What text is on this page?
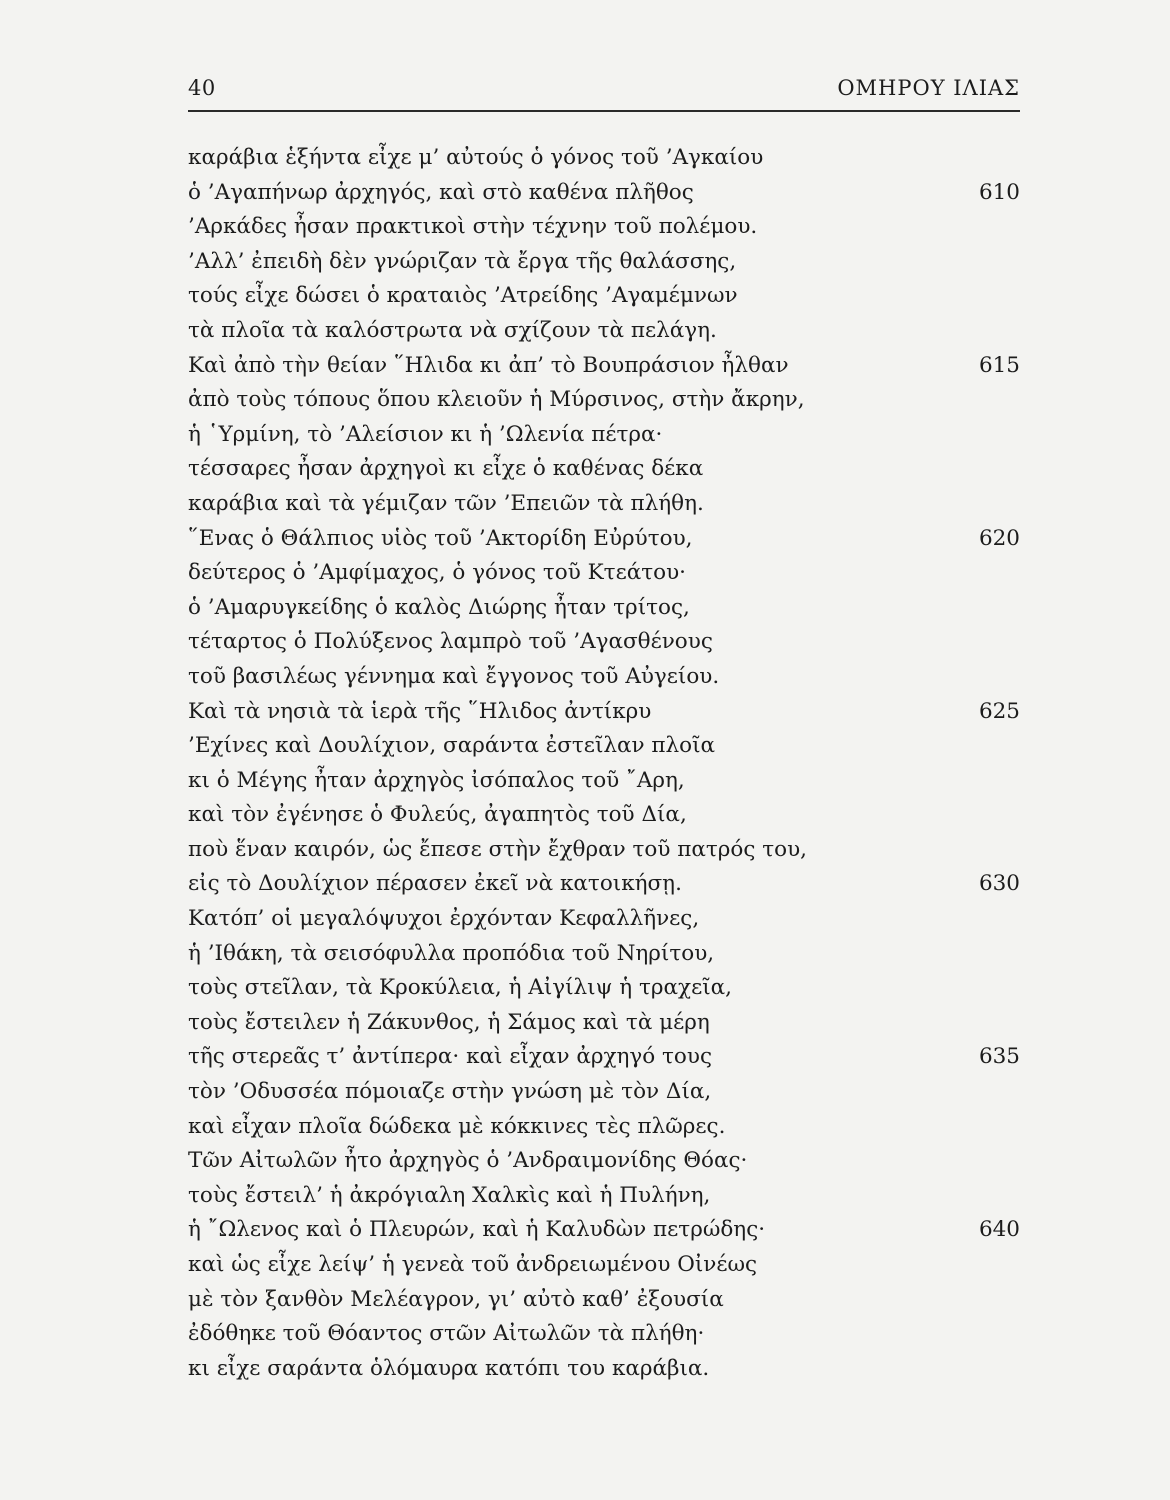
40	ΟΜΗΡΟΥ ΙΛΙΑΣ
καράβια ἑξήντα εἶχε μ’ αὐτούς ὁ γόνος τοῦ ’Αγκαίου
ὁ ’Αγαπήνωρ ἀρχηγός, καὶ στὸ καθένα πλῆθος	610
’Αρκάδες ἦσαν πρακτικοὶ στὴν τέχνην τοῦ πολέμου.
’Αλλ’ ἐπειδὴ δὲν γνώριζαν τὰ ἔργα τῆς θαλάσσης,
τούς εἶχε δώσει ὁ κραταιὸς ’Ατρείδης ’Αγαμέμνων
τὰ πλοῖα τὰ καλόστρωτα νὰ σχίζουν τὰ πελάγη.
Καὶ ἀπὸ τὴν θείαν ῞Ηλιδα κι ἀπ’ τὸ Βουπράσιον ἦλθαν	615
ἀπὸ τοὺς τόπους ὅπου κλειοῦν ἡ Μύρσινος, στὴν ἄκρην,
ἡ ῾Υρμίνη, τὸ ’Αλείσιον κι ἡ ’Ωλενία πέτρα·
τέσσαρες ἦσαν ἀρχηγοὶ κι εἶχε ὁ καθένας δέκα
καράβια καὶ τὰ γέμιζαν τῶν ’Επειῶν τὰ πλήθη.
῞Ενας ὁ Θάλπιος υἱὸς τοῦ ’Ακτορίδη Εὐρύτου,	620
δεύτερος ὁ ’Αμφίμαχος, ὁ γόνος τοῦ Κτεάτου·
ὁ ’Αμαρυγκείδης ὁ καλὸς Διώρης ἦταν τρίτος,
τέταρτος ὁ Πολύξενος λαμπρὸ τοῦ ’Αγασθένους
τοῦ βασιλέως γέννημα καὶ ἔγγονος τοῦ Αὐγείου.
Καὶ τὰ νησιὰ τὰ ἱερὰ τῆς ῞Ηλιδος ἀντίκρυ	625
’Εχίνες καὶ Δουλίχιον, σαράντα ἐστεῖλαν πλοῖα
κι ὁ Μέγης ἦταν ἀρχηγὸς ἰσόπαλος τοῦ ῎Αρη,
καὶ τὸν ἐγένησε ὁ Φυλεύς, ἀγαπητὸς τοῦ Δία,
ποὺ ἕναν καιρόν, ὡς ἔπεσε στὴν ἔχθραν τοῦ πατρός του,
εἰς τὸ Δουλίχιον πέρασεν ἐκεῖ νὰ κατοικήσῃ.	630
Κατόπ’ οἱ μεγαλόψυχοι ἐρχόνταν Κεφαλλῆνες,
ἡ ’Ιθάκη, τὰ σεισόφυλλα προπόδια τοῦ Νηρίτου,
τοὺς στεῖλαν, τὰ Κροκύλεια, ἡ Αἰγίλιψ ἡ τραχεῖα,
τοὺς ἔστειλεν ἡ Ζάκυνθος, ἡ Σάμος καὶ τὰ μέρη
τῆς στερεᾶς τ’ ἀντίπερα· καὶ εἶχαν ἀρχηγό τους	635
τὸν ’Οδυσσέα πόμοιαζε στὴν γνώση μὲ τὸν Δία,
καὶ εἶχαν πλοῖα δώδεκα μὲ κόκκινες τὲς πλῶρες.
Τῶν Αἰτωλῶν ἦτο ἀρχηγὸς ὁ ’Ανδραιμονίδης Θόας·
τοὺς ἔστειλ’ ἡ ἀκρόγιαλη Χαλκὶς καὶ ἡ Πυλήνη,
ἡ ῎Ωλενος καὶ ὁ Πλευρών, καὶ ἡ Καλυδὼν πετρώδης·	640
καὶ ὡς εἶχε λείψ’ ἡ γενεὰ τοῦ ἀνδρειωμένου Οἰνέως
μὲ τὸν ξανθὸν Μελέαγρον, γι’ αὐτὸ καθ’ ἐξουσία
ἐδόθηκε τοῦ Θόαντος στῶν Αἰτωλῶν τὰ πλήθη·
κι εἶχε σαράντα ὁλόμαυρα κατόπι του καράβια.
